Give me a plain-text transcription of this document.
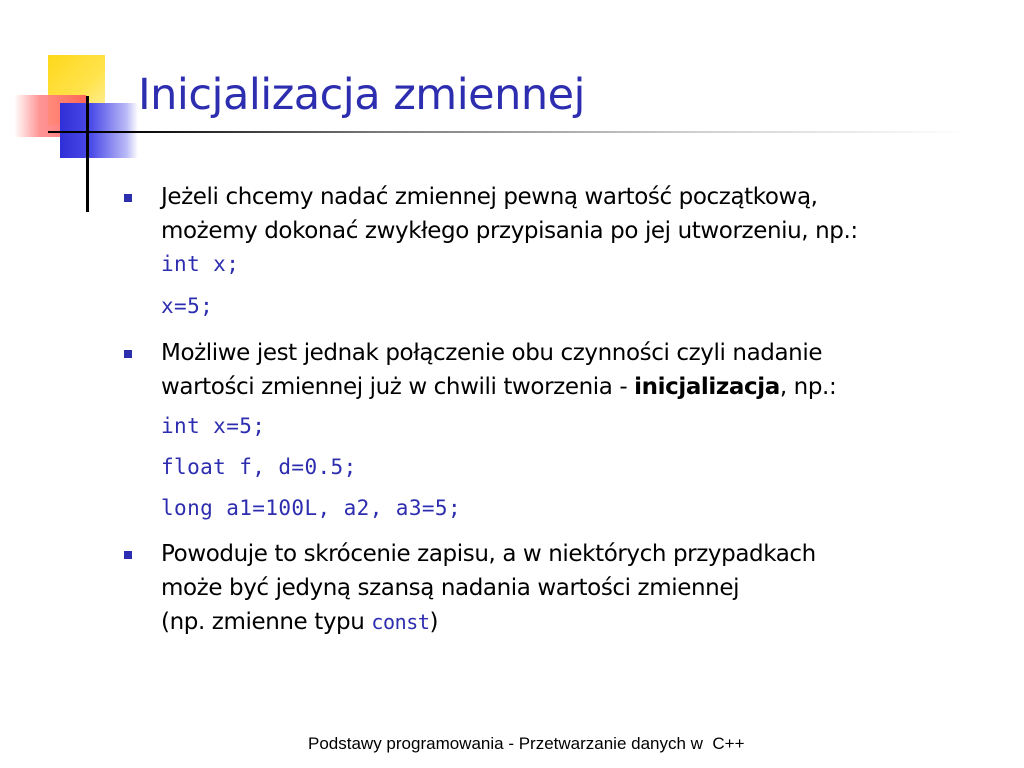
Inicjalizacja zmiennej
Jeżeli chcemy nadać zmiennej pewną wartość początkową,
możemy dokonać zwykłego przypisania po jej utworzeniu, np.:
int x;
x=5;
Możliwe jest jednak połączenie obu czynności czyli nadanie
wartości zmiennej już w chwili tworzenia - inicjalizacja, np.:
int x=5;
float f, d=0.5;
long a1=100L, a2, a3=5;
Powoduje to skrócenie zapisu, a w niektórych przypadkach
może być jedyną szansą nadania wartości zmiennej
(np. zmienne typu const)
Podstawy programowania - Przetwarzanie danych w  C++
